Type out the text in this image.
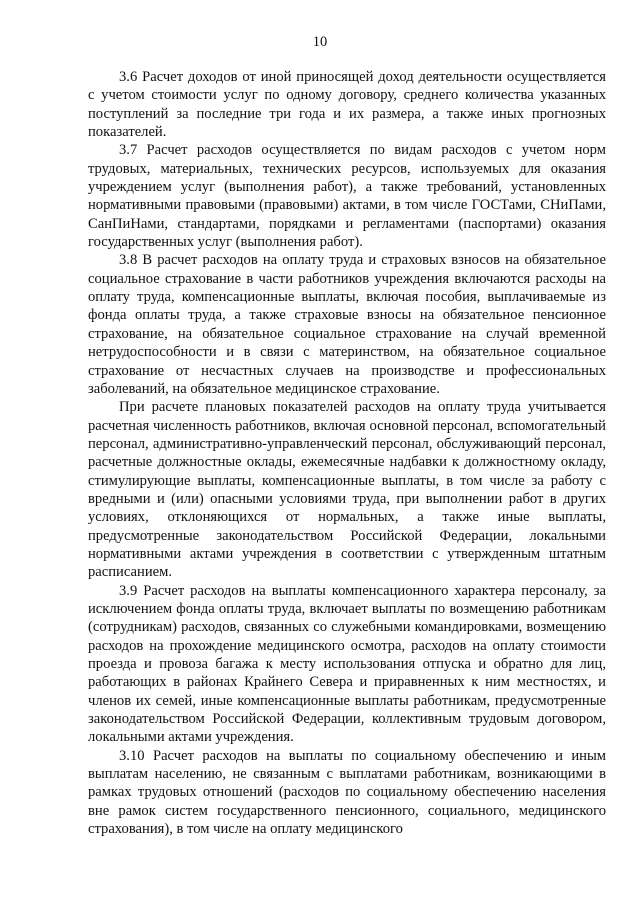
10

3.6 Расчет доходов от иной приносящей доход деятельности осуществляется с учетом стоимости услуг по одному договору, среднего количества указанных поступлений за последние три года и их размера, а также иных прогнозных показателей.

3.7 Расчет расходов осуществляется по видам расходов с учетом норм трудовых, материальных, технических ресурсов, используемых для оказания учреждением услуг (выполнения работ), а также требований, установленных нормативными правовыми (правовыми) актами, в том числе ГОСТами, СНиПами, СанПиНами, стандартами, порядками и регламентами (паспортами) оказания государственных услуг (выполнения работ).

3.8 В расчет расходов на оплату труда и страховых взносов на обязательное социальное страхование в части работников учреждения включаются расходы на оплату труда, компенсационные выплаты, включая пособия, выплачиваемые из фонда оплаты труда, а также страховые взносы на обязательное пенсионное страхование, на обязательное социальное страхование на случай временной нетрудоспособности и в связи с материнством, на обязательное социальное страхование от несчастных случаев на производстве и профессиональных заболеваний, на обязательное медицинское страхование.

При расчете плановых показателей расходов на оплату труда учитывается расчетная численность работников, включая основной персонал, вспомогательный персонал, административно-управленческий персонал, обслуживающий персонал, расчетные должностные оклады, ежемесячные надбавки к должностному окладу, стимулирующие выплаты, компенсационные выплаты, в том числе за работу с вредными и (или) опасными условиями труда, при выполнении работ в других условиях, отклоняющихся от нормальных, а также иные выплаты, предусмотренные законодательством Российской Федерации, локальными нормативными актами учреждения в соответствии с утвержденным штатным расписанием.

3.9 Расчет расходов на выплаты компенсационного характера персоналу, за исключением фонда оплаты труда, включает выплаты по возмещению работникам (сотрудникам) расходов, связанных со служебными командировками, возмещению расходов на прохождение медицинского осмотра, расходов на оплату стоимости проезда и провоза багажа к месту использования отпуска и обратно для лиц, работающих в районах Крайнего Севера и приравненных к ним местностях, и членов их семей, иные компенсационные выплаты работникам, предусмотренные законодательством Российской Федерации, коллективным трудовым договором, локальными актами учреждения.

3.10 Расчет расходов на выплаты по социальному обеспечению и иным выплатам населению, не связанным с выплатами работникам, возникающими в рамках трудовых отношений (расходов по социальному обеспечению населения вне рамок систем государственного пенсионного, социального, медицинского страхования), в том числе на оплату медицинского
